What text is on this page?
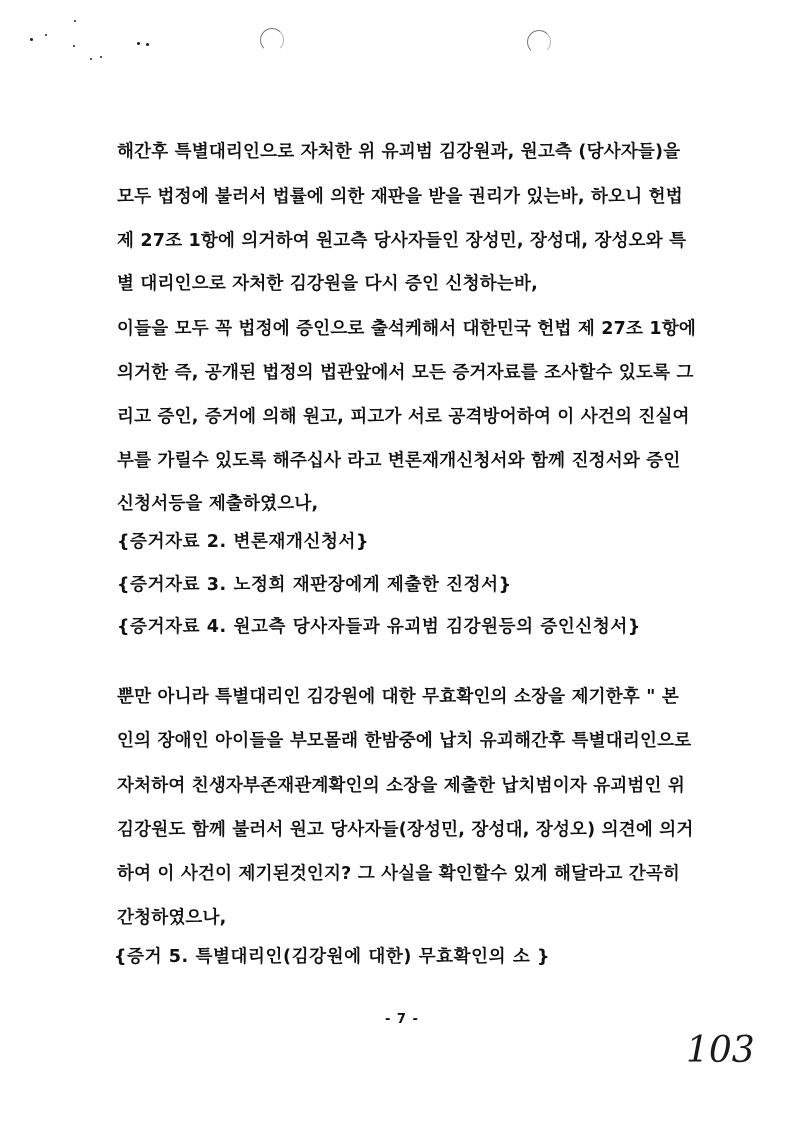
해간후 특별대리인으로 자처한 위 유괴범 김강원과, 원고측 (당사자들)을
모두 법정에 불러서 법률에 의한 재판을 받을 권리가 있는바, 하오니 헌법
제 27조 1항에 의거하여 원고측 당사자들인 장성민, 장성대, 장성오와 특
별 대리인으로 자처한 김강원을 다시 증인 신청하는바,
이들을 모두 꼭 법정에 증인으로 출석케해서 대한민국 헌법 제 27조 1항에
의거한 즉, 공개된 법정의 법관앞에서 모든 증거자료를 조사할수 있도록 그
리고 증인, 증거에 의해 원고, 피고가 서로 공격방어하여 이 사건의 진실여
부를 가릴수 있도록 해주십사 라고 변론재개신청서와 함께 진정서와 증인
신청서등을 제출하였으나,
{증거자료 2. 변론재개신청서}
{증거자료 3. 노정희 재판장에게 제출한 진정서}
{증거자료 4. 원고측 당사자들과 유괴범 김강원등의 증인신청서}
뿐만 아니라 특별대리인 김강원에 대한 무효확인의 소장을 제기한후 " 본
인의 장애인 아이들을 부모몰래 한밤중에 납치 유괴해간후 특별대리인으로
자처하여 친생자부존재관계확인의 소장을 제출한 납치범이자 유괴범인 위
김강원도 함께 불러서 원고 당사자들(장성민, 장성대, 장성오) 의견에 의거
하여 이 사건이 제기된것인지? 그 사실을 확인할수 있게 해달라고 간곡히
간청하였으나,
{증거 5. 특별대리인(김강원에 대한) 무효확인의 소 }
- 7 -
103
